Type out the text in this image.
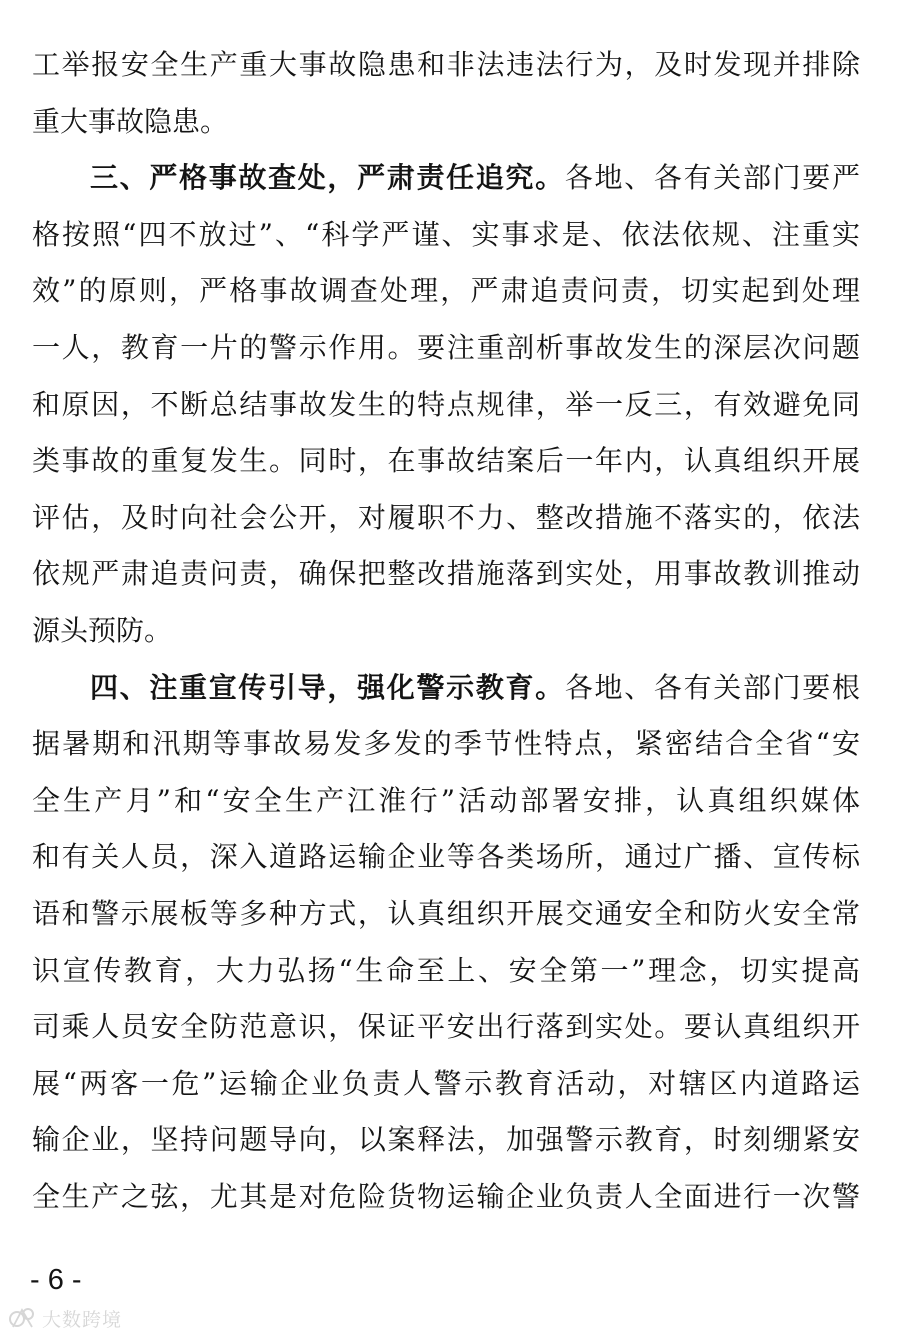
工举报安全生产重大事故隐患和非法违法行为，及时发现并排除
重大事故隐患。
三、严格事故查处，严肃责任追究。各地、各有关部门要严
格按照“四不放过”、“科学严谨、实事求是、依法依规、注重实
效”的原则，严格事故调查处理，严肃追责问责，切实起到处理
一人，教育一片的警示作用。要注重剖析事故发生的深层次问题
和原因，不断总结事故发生的特点规律，举一反三，有效避免同
类事故的重复发生。同时，在事故结案后一年内，认真组织开展
评估，及时向社会公开，对履职不力、整改措施不落实的，依法
依规严肃追责问责，确保把整改措施落到实处，用事故教训推动
源头预防。
四、注重宣传引导，强化警示教育。各地、各有关部门要根
据暑期和汛期等事故易发多发的季节性特点，紧密结合全省“安
全生产月”和“安全生产江淮行”活动部署安排，认真组织媒体
和有关人员，深入道路运输企业等各类场所，通过广播、宣传标
语和警示展板等多种方式，认真组织开展交通安全和防火安全常
识宣传教育，大力弘扬“生命至上、安全第一”理念，切实提高
司乘人员安全防范意识，保证平安出行落到实处。要认真组织开
展“两客一危”运输企业负责人警示教育活动，对辖区内道路运
输企业，坚持问题导向，以案释法，加强警示教育，时刻绷紧安
全生产之弦，尤其是对危险货物运输企业负责人全面进行一次警
- 6 -
大数跨境
